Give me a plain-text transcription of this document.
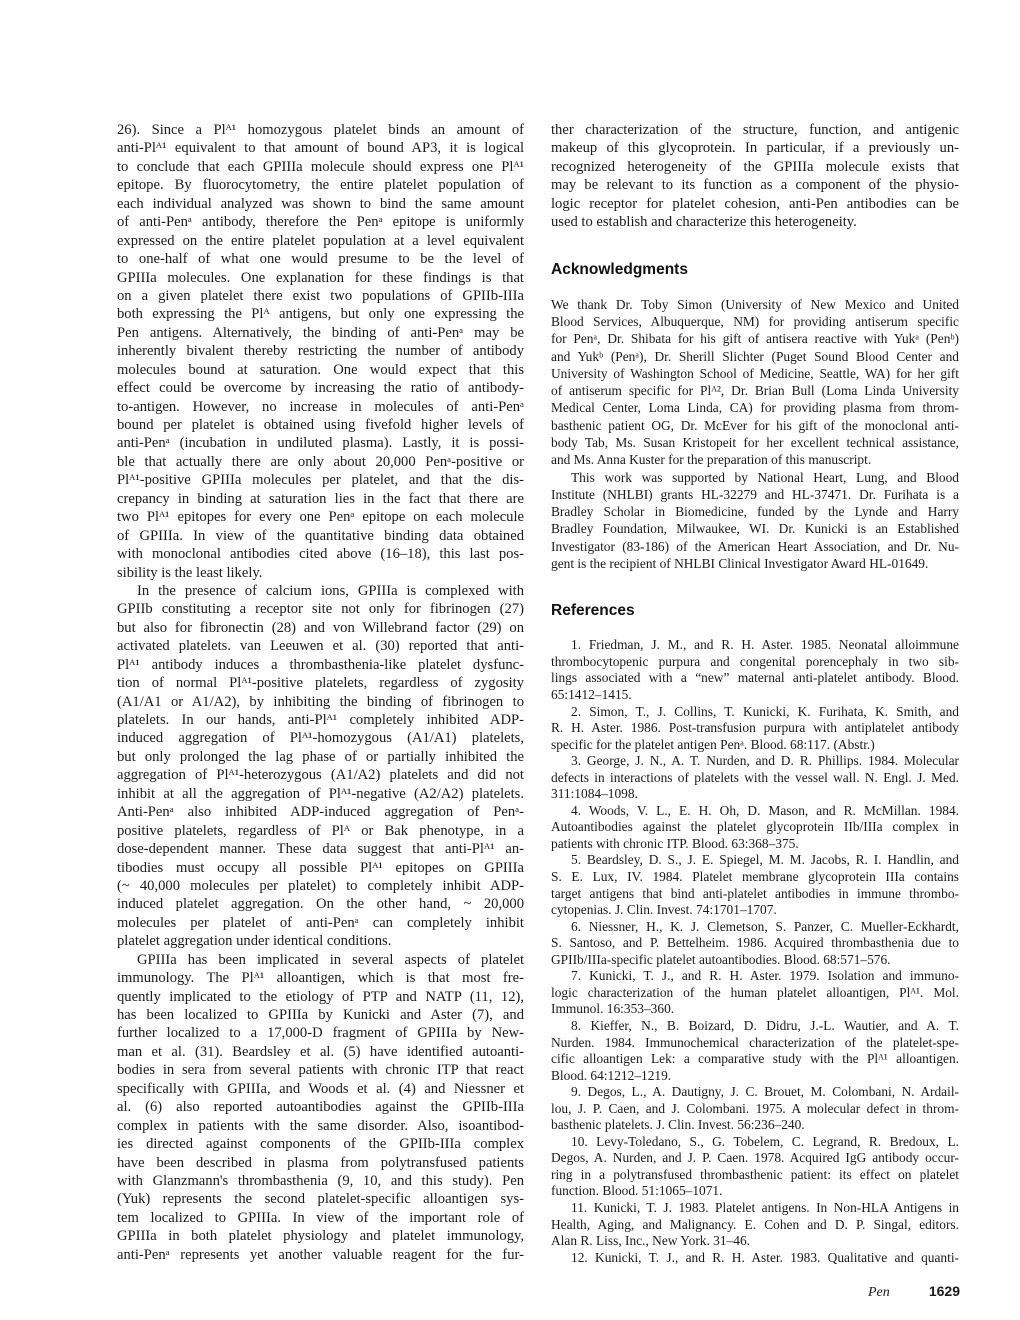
26). Since a Plᴬ¹ homozygous platelet binds an amount of
anti-Plᴬ¹ equivalent to that amount of bound AP3, it is logical
to conclude that each GPIIIa molecule should express one Plᴬ¹
epitope. By fluorocytometry, the entire platelet population of
each individual analyzed was shown to bind the same amount
of anti-Penᵃ antibody, therefore the Penᵃ epitope is uniformly
expressed on the entire platelet population at a level equivalent
to one-half of what one would presume to be the level of
GPIIIa molecules. One explanation for these findings is that
on a given platelet there exist two populations of GPIIb-IIIa
both expressing the Plᴬ antigens, but only one expressing the
Pen antigens. Alternatively, the binding of anti-Penᵃ may be
inherently bivalent thereby restricting the number of antibody
molecules bound at saturation. One would expect that this
effect could be overcome by increasing the ratio of antibody-
to-antigen. However, no increase in molecules of anti-Penᵃ
bound per platelet is obtained using fivefold higher levels of
anti-Penᵃ (incubation in undiluted plasma). Lastly, it is possi-
ble that actually there are only about 20,000 Penᵃ-positive or
Plᴬ¹-positive GPIIIa molecules per platelet, and that the dis-
crepancy in binding at saturation lies in the fact that there are
two Plᴬ¹ epitopes for every one Penᵃ epitope on each molecule
of GPIIIa. In view of the quantitative binding data obtained
with monoclonal antibodies cited above (16–18), this last pos-
sibility is the least likely.
In the presence of calcium ions, GPIIIa is complexed with
GPIIb constituting a receptor site not only for fibrinogen (27)
but also for fibronectin (28) and von Willebrand factor (29) on
activated platelets. van Leeuwen et al. (30) reported that anti-
Plᴬ¹ antibody induces a thrombasthenia-like platelet dysfunc-
tion of normal Plᴬ¹-positive platelets, regardless of zygosity
(A1/A1 or A1/A2), by inhibiting the binding of fibrinogen to
platelets. In our hands, anti-Plᴬ¹ completely inhibited ADP-
induced aggregation of Plᴬ¹-homozygous (A1/A1) platelets,
but only prolonged the lag phase of or partially inhibited the
aggregation of Plᴬ¹-heterozygous (A1/A2) platelets and did not
inhibit at all the aggregation of Plᴬ¹-negative (A2/A2) platelets.
Anti-Penᵃ also inhibited ADP-induced aggregation of Penᵃ-
positive platelets, regardless of Plᴬ or Bak phenotype, in a
dose-dependent manner. These data suggest that anti-Plᴬ¹ an-
tibodies must occupy all possible Plᴬ¹ epitopes on GPIIIa
(~ 40,000 molecules per platelet) to completely inhibit ADP-
induced platelet aggregation. On the other hand, ~ 20,000
molecules per platelet of anti-Penᵃ can completely inhibit
platelet aggregation under identical conditions.
GPIIIa has been implicated in several aspects of platelet
immunology. The Plᴬ¹ alloantigen, which is that most fre-
quently implicated to the etiology of PTP and NATP (11, 12),
has been localized to GPIIIa by Kunicki and Aster (7), and
further localized to a 17,000-D fragment of GPIIIa by New-
man et al. (31). Beardsley et al. (5) have identified autoanti-
bodies in sera from several patients with chronic ITP that react
specifically with GPIIIa, and Woods et al. (4) and Niessner et
al. (6) also reported autoantibodies against the GPIIb-IIIa
complex in patients with the same disorder. Also, isoantibod-
ies directed against components of the GPIIb-IIIa complex
have been described in plasma from polytransfused patients
with Glanzmann's thrombasthenia (9, 10, and this study). Pen
(Yuk) represents the second platelet-specific alloantigen sys-
tem localized to GPIIIa. In view of the important role of
GPIIIa in both platelet physiology and platelet immunology,
anti-Penᵃ represents yet another valuable reagent for the fur-
ther characterization of the structure, function, and antigenic
makeup of this glycoprotein. In particular, if a previously un-
recognized heterogeneity of the GPIIIa molecule exists that
may be relevant to its function as a component of the physio-
logic receptor for platelet cohesion, anti-Pen antibodies can be
used to establish and characterize this heterogeneity.
Acknowledgments
We thank Dr. Toby Simon (University of New Mexico and United
Blood Services, Albuquerque, NM) for providing antiserum specific
for Penᵃ, Dr. Shibata for his gift of antisera reactive with Yukᵃ (Penᵇ)
and Yukᵇ (Penᵃ), Dr. Sherill Slichter (Puget Sound Blood Center and
University of Washington School of Medicine, Seattle, WA) for her gift
of antiserum specific for Plᴬ², Dr. Brian Bull (Loma Linda University
Medical Center, Loma Linda, CA) for providing plasma from throm-
basthenic patient OG, Dr. McEver for his gift of the monoclonal anti-
body Tab, Ms. Susan Kristopeit for her excellent technical assistance,
and Ms. Anna Kuster for the preparation of this manuscript.
This work was supported by National Heart, Lung, and Blood
Institute (NHLBI) grants HL-32279 and HL-37471. Dr. Furihata is a
Bradley Scholar in Biomedicine, funded by the Lynde and Harry
Bradley Foundation, Milwaukee, WI. Dr. Kunicki is an Established
Investigator (83-186) of the American Heart Association, and Dr. Nu-
gent is the recipient of NHLBI Clinical Investigator Award HL-01649.
References
1. Friedman, J. M., and R. H. Aster. 1985. Neonatal alloimmune
thrombocytopenic purpura and congenital porencephaly in two sib-
lings associated with a “new” maternal anti-platelet antibody. Blood.
65:1412–1415.
2. Simon, T., J. Collins, T. Kunicki, K. Furihata, K. Smith, and
R. H. Aster. 1986. Post-transfusion purpura with antiplatelet antibody
specific for the platelet antigen Penᵃ. Blood. 68:117. (Abstr.)
3. George, J. N., A. T. Nurden, and D. R. Phillips. 1984. Molecular
defects in interactions of platelets with the vessel wall. N. Engl. J. Med.
311:1084–1098.
4. Woods, V. L., E. H. Oh, D. Mason, and R. McMillan. 1984.
Autoantibodies against the platelet glycoprotein IIb/IIIa complex in
patients with chronic ITP. Blood. 63:368–375.
5. Beardsley, D. S., J. E. Spiegel, M. M. Jacobs, R. I. Handlin, and
S. E. Lux, IV. 1984. Platelet membrane glycoprotein IIIa contains
target antigens that bind anti-platelet antibodies in immune thrombo-
cytopenias. J. Clin. Invest. 74:1701–1707.
6. Niessner, H., K. J. Clemetson, S. Panzer, C. Mueller-Eckhardt,
S. Santoso, and P. Bettelheim. 1986. Acquired thrombasthenia due to
GPIIb/IIIa-specific platelet autoantibodies. Blood. 68:571–576.
7. Kunicki, T. J., and R. H. Aster. 1979. Isolation and immuno-
logic characterization of the human platelet alloantigen, Plᴬ¹. Mol.
Immunol. 16:353–360.
8. Kieffer, N., B. Boizard, D. Didru, J.-L. Wautier, and A. T.
Nurden. 1984. Immunochemical characterization of the platelet-spe-
cific alloantigen Lek: a comparative study with the Plᴬ¹ alloantigen.
Blood. 64:1212–1219.
9. Degos, L., A. Dautigny, J. C. Brouet, M. Colombani, N. Ardail-
lou, J. P. Caen, and J. Colombani. 1975. A molecular defect in throm-
basthenic platelets. J. Clin. Invest. 56:236–240.
10. Levy-Toledano, S., G. Tobelem, C. Legrand, R. Bredoux, L.
Degos, A. Nurden, and J. P. Caen. 1978. Acquired IgG antibody occur-
ring in a polytransfused thrombasthenic patient: its effect on platelet
function. Blood. 51:1065–1071.
11. Kunicki, T. J. 1983. Platelet antigens. In Non-HLA Antigens in
Health, Aging, and Malignancy. E. Cohen and D. P. Singal, editors.
Alan R. Liss, Inc., New York. 31–46.
12. Kunicki, T. J., and R. H. Aster. 1983. Qualitative and quanti-
Pen	1629
